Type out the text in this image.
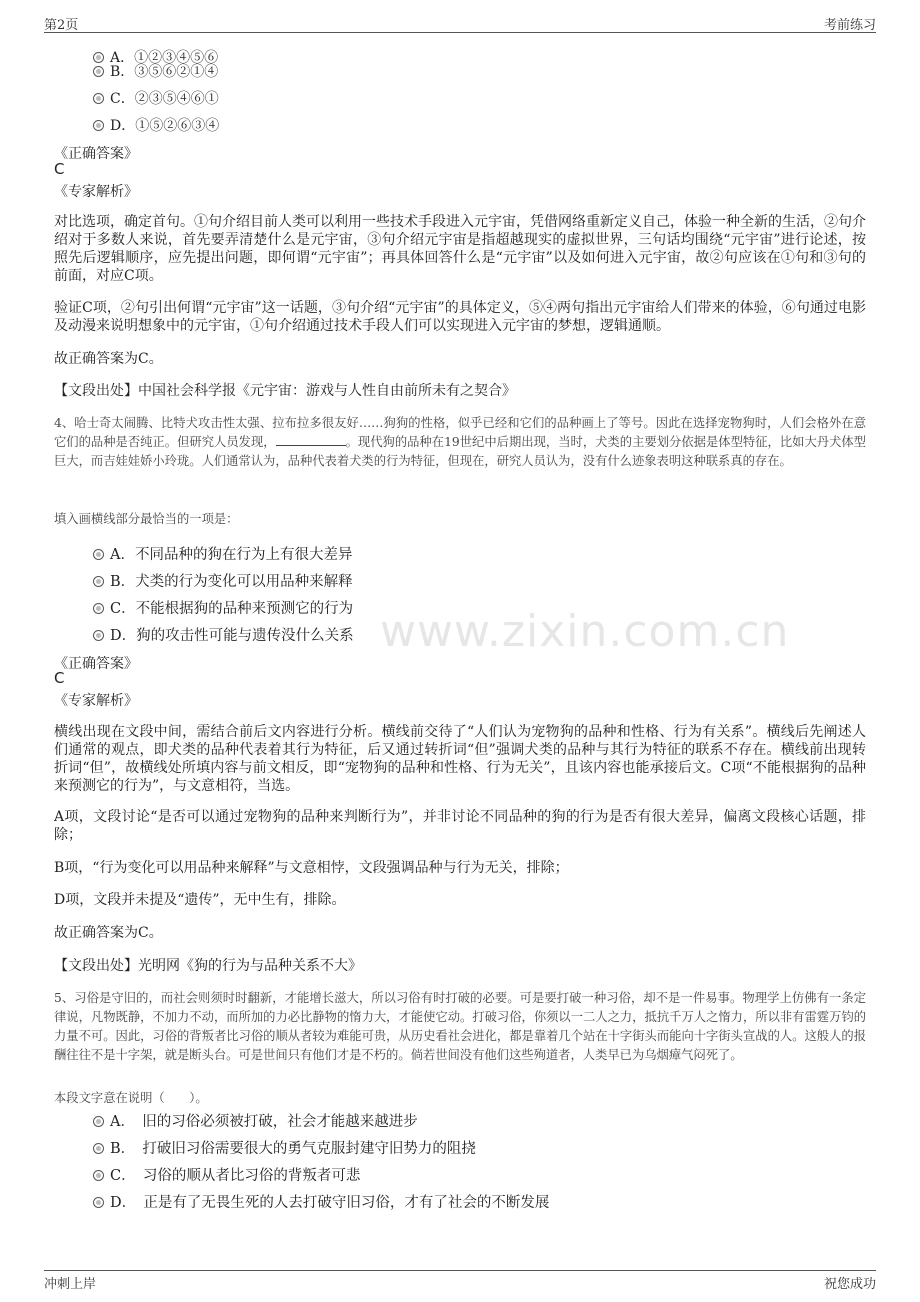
第2页	考前练习
www.zixin.com.cn
A．①②③④⑤⑥
B．③⑤⑥②①④
C．②③⑤④⑥①
D．①⑤②⑥③④
《正确答案》
C
《专家解析》
对比选项，确定首句。①句介绍目前人类可以利用一些技术手段进入元宇宙，凭借网络重新定义自己，体验一种全新的生活，②句介绍对于多数人来说，首先要弄清楚什么是元宇宙，③句介绍元宇宙是指超越现实的虚拟世界，三句话均围绕“元宇宙”进行论述，按照先后逻辑顺序，应先提出问题，即何谓“元宇宙”；再具体回答什么是“元宇宙”以及如何进入元宇宙，故②句应该在①句和③句的前面，对应C项。
验证C项，②句引出何谓“元宇宙”这一话题，③句介绍“元宇宙”的具体定义，⑤④两句指出元宇宙给人们带来的体验，⑥句通过电影及动漫来说明想象中的元宇宙，①句介绍通过技术手段人们可以实现进入元宇宙的梦想，逻辑通顺。
故正确答案为C。
【文段出处】中国社会科学报《元宇宙：游戏与人性自由前所未有之契合》
4、哈士奇太闹腾、比特犬攻击性太强、拉布拉多很友好……狗狗的性格，似乎已经和它们的品种画上了等号。因此在选择宠物狗时，人们会格外在意它们的品种是否纯正。但研究人员发现，	。现代狗的品种在19世纪中后期出现，当时，犬类的主要划分依据是体型特征，比如大丹犬体型巨大，而吉娃娃娇小玲珑。人们通常认为，品种代表着犬类的行为特征，但现在，研究人员认为，没有什么迹象表明这种联系真的存在。
填入画横线部分最恰当的一项是：
A．不同品种的狗在行为上有很大差异
B．犬类的行为变化可以用品种来解释
C．不能根据狗的品种来预测它的行为
D．狗的攻击性可能与遗传没什么关系
《正确答案》
C
《专家解析》
横线出现在文段中间，需结合前后文内容进行分析。横线前交待了“人们认为宠物狗的品种和性格、行为有关系”。横线后先阐述人们通常的观点，即犬类的品种代表着其行为特征，后又通过转折词“但”强调犬类的品种与其行为特征的联系不存在。横线前出现转折词“但”，故横线处所填内容与前文相反，即“宠物狗的品种和性格、行为无关”，且该内容也能承接后文。C项“不能根据狗的品种来预测它的行为”，与文意相符，当选。
A项，文段讨论“是否可以通过宠物狗的品种来判断行为”，并非讨论不同品种的狗的行为是否有很大差异，偏离文段核心话题，排除；
B项，“行为变化可以用品种来解释”与文意相悖，文段强调品种与行为无关，排除；
D项，文段并未提及“遗传”，无中生有，排除。
故正确答案为C。
【文段出处】光明网《狗的行为与品种关系不大》
5、习俗是守旧的，而社会则须时时翻新，才能增长滋大，所以习俗有时打破的必要。可是要打破一种习俗，却不是一件易事。物理学上仿佛有一条定律说，凡物既静，不加力不动，而所加的力必比静物的惰力大，才能使它动。打破习俗，你须以一二人之力，抵抗千万人之惰力，所以非有雷霆万钧的力量不可。因此，习俗的背叛者比习俗的顺从者较为难能可贵，从历史看社会进化，都是靠着几个站在十字街头而能向十字街头宣战的人。这般人的报酬往往不是十字架，就是断头台。可是世间只有他们才是不朽的。倘若世间没有他们这些殉道者，人类早已为乌烟瘴气闷死了。
本段文字意在说明（　　）。
A．　旧的习俗必须被打破，社会才能越来越进步
B．　打破旧习俗需要很大的勇气克服封建守旧势力的阻挠
C．　习俗的顺从者比习俗的背叛者可悲
D．　正是有了无畏生死的人去打破守旧习俗，才有了社会的不断发展
冲刺上岸	祝您成功
